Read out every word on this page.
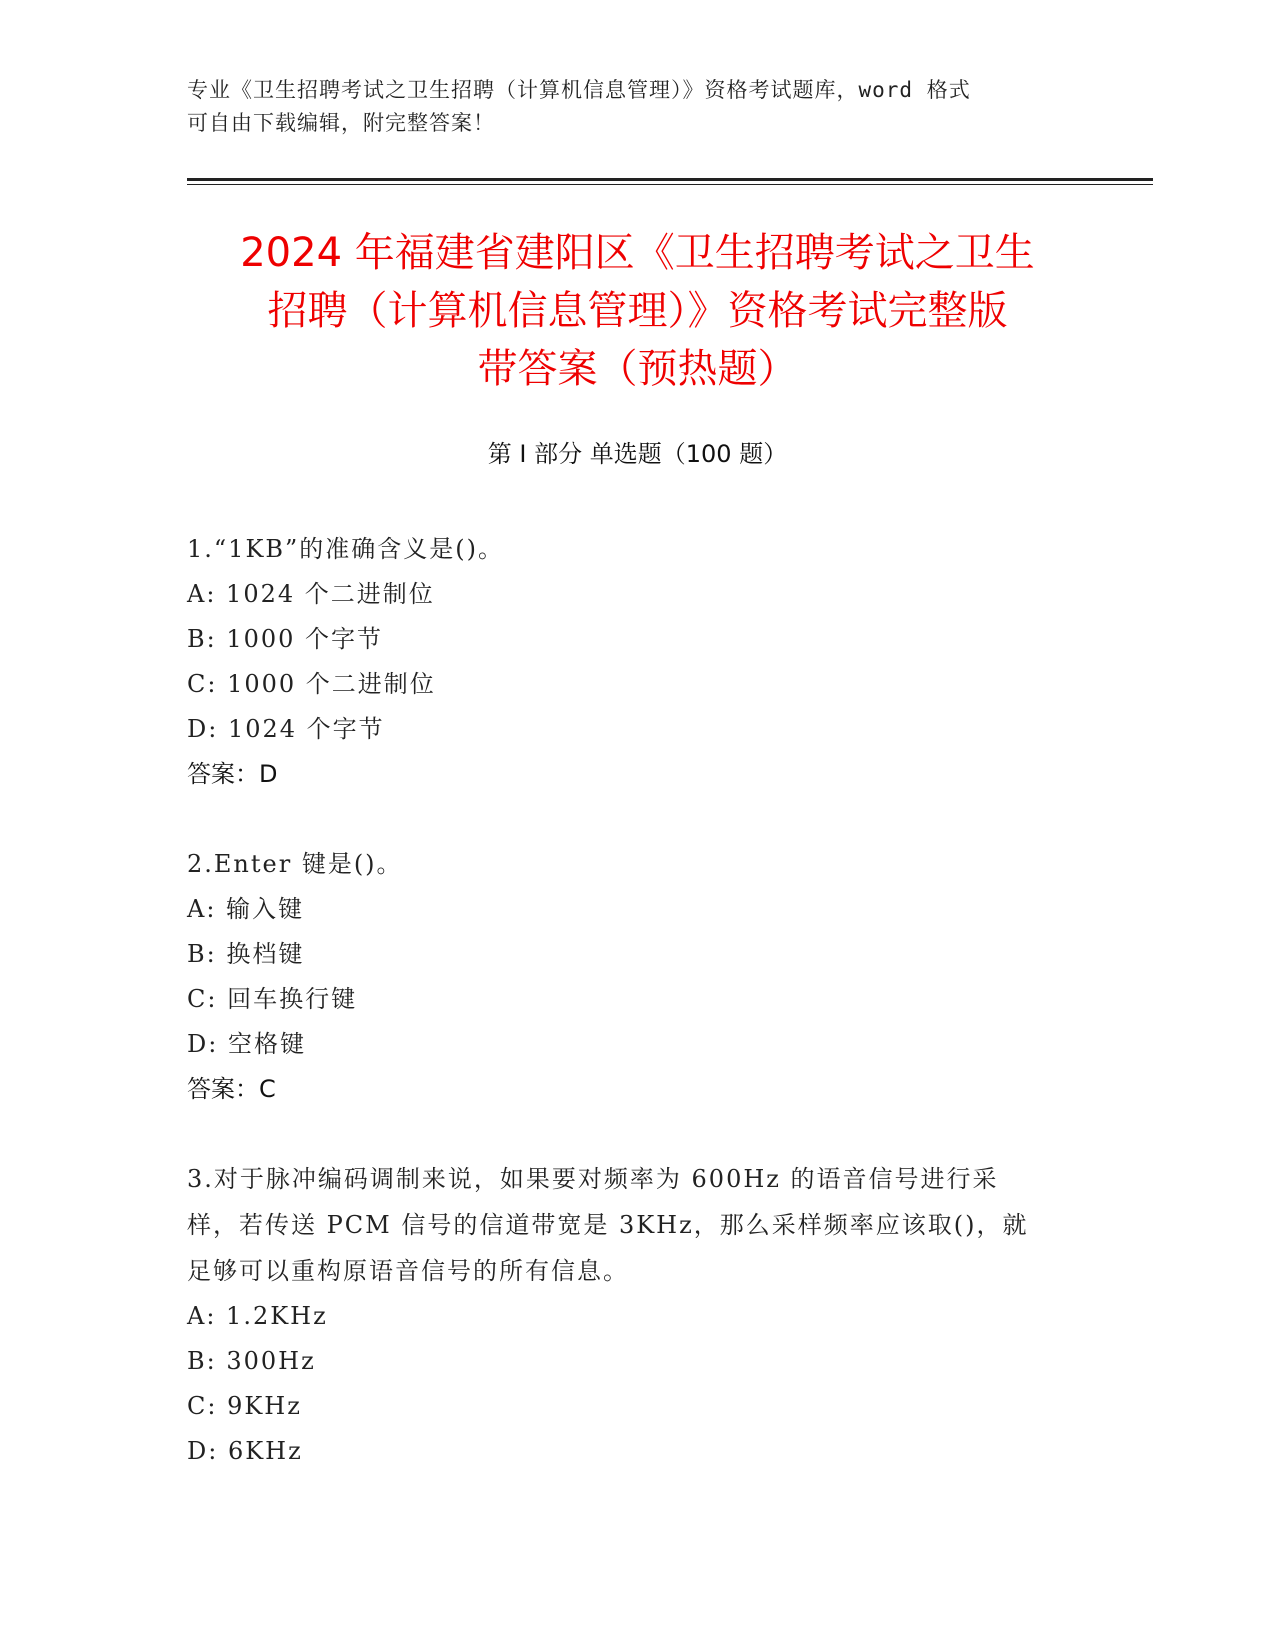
专业《卫生招聘考试之卫生招聘（计算机信息管理）》资格考试题库，word 格式
可自由下载编辑，附完整答案！
2024 年福建省建阳区《卫生招聘考试之卫生
招聘（计算机信息管理）》资格考试完整版
带答案（预热题）
第 I 部分 单选题（100 题）
1.“1KB”的准确含义是()。
A: 1024 个二进制位
B: 1000 个字节
C: 1000 个二进制位
D: 1024 个字节
答案：D
2.Enter 键是()。
A: 输入键
B: 换档键
C: 回车换行键
D: 空格键
答案：C
3.对于脉冲编码调制来说，如果要对频率为 600Hz 的语音信号进行采
样，若传送 PCM 信号的信道带宽是 3KHz，那么采样频率应该取()，就
足够可以重构原语音信号的所有信息。
A: 1.2KHz
B: 300Hz
C: 9KHz
D: 6KHz
